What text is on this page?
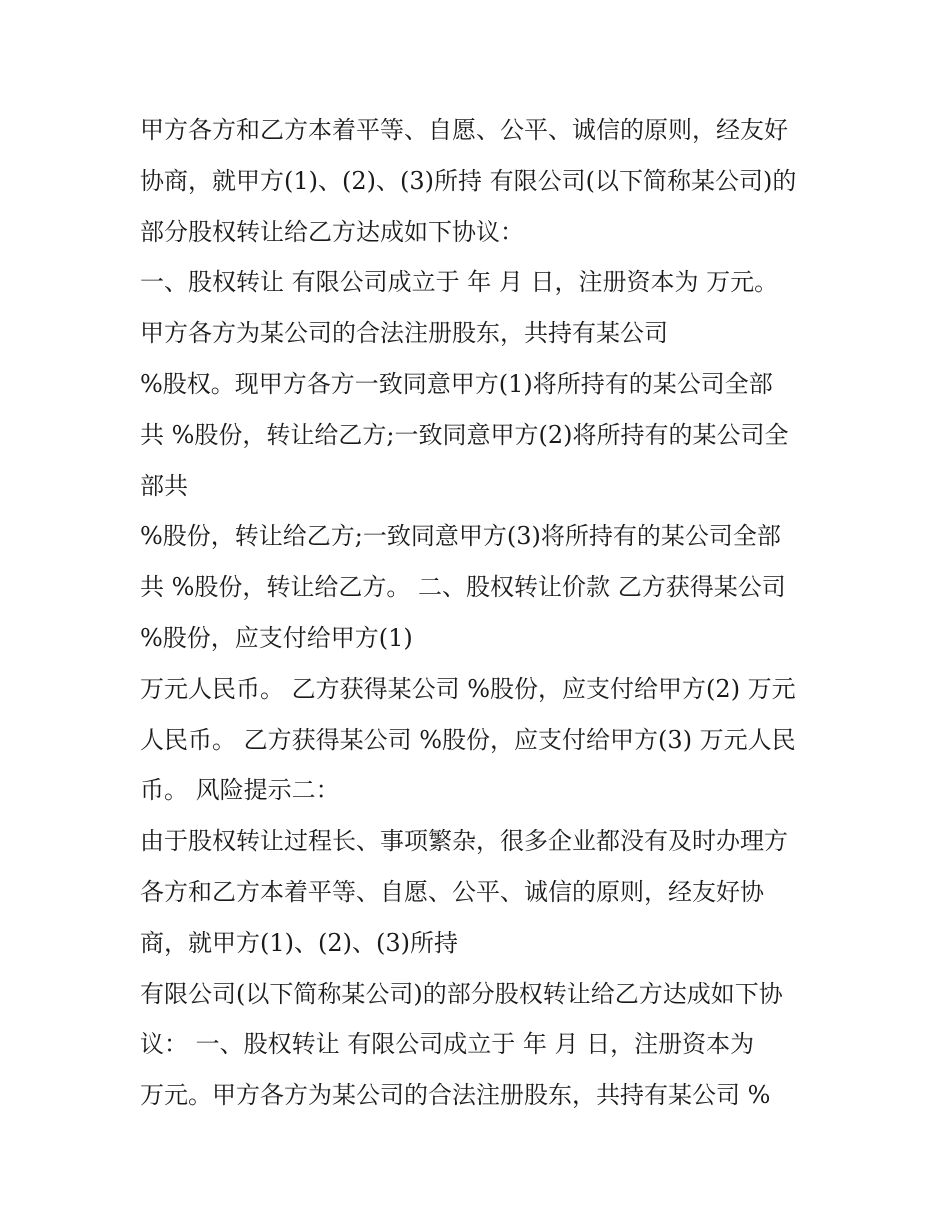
甲方各方和乙方本着平等、自愿、公平、诚信的原则，经友好
协商，就甲方(1)、(2)、(3)所持 有限公司(以下简称某公司)的
部分股权转让给乙方达成如下协议：
一、股权转让 有限公司成立于 年 月 日，注册资本为 万元。
甲方各方为某公司的合法注册股东，共持有某公司
%股权。现甲方各方一致同意甲方(1)将所持有的某公司全部
共 %股份，转让给乙方;一致同意甲方(2)将所持有的某公司全
部共
%股份，转让给乙方;一致同意甲方(3)将所持有的某公司全部
共 %股份，转让给乙方。 二、股权转让价款 乙方获得某公司
%股份，应支付给甲方(1)
万元人民币。 乙方获得某公司 %股份，应支付给甲方(2) 万元
人民币。 乙方获得某公司 %股份，应支付给甲方(3) 万元人民
币。 风险提示二：
由于股权转让过程长、事项繁杂，很多企业都没有及时办理方
各方和乙方本着平等、自愿、公平、诚信的原则，经友好协
商，就甲方(1)、(2)、(3)所持
有限公司(以下简称某公司)的部分股权转让给乙方达成如下协
议： 一、股权转让 有限公司成立于 年 月 日，注册资本为
万元。甲方各方为某公司的合法注册股东，共持有某公司 %
